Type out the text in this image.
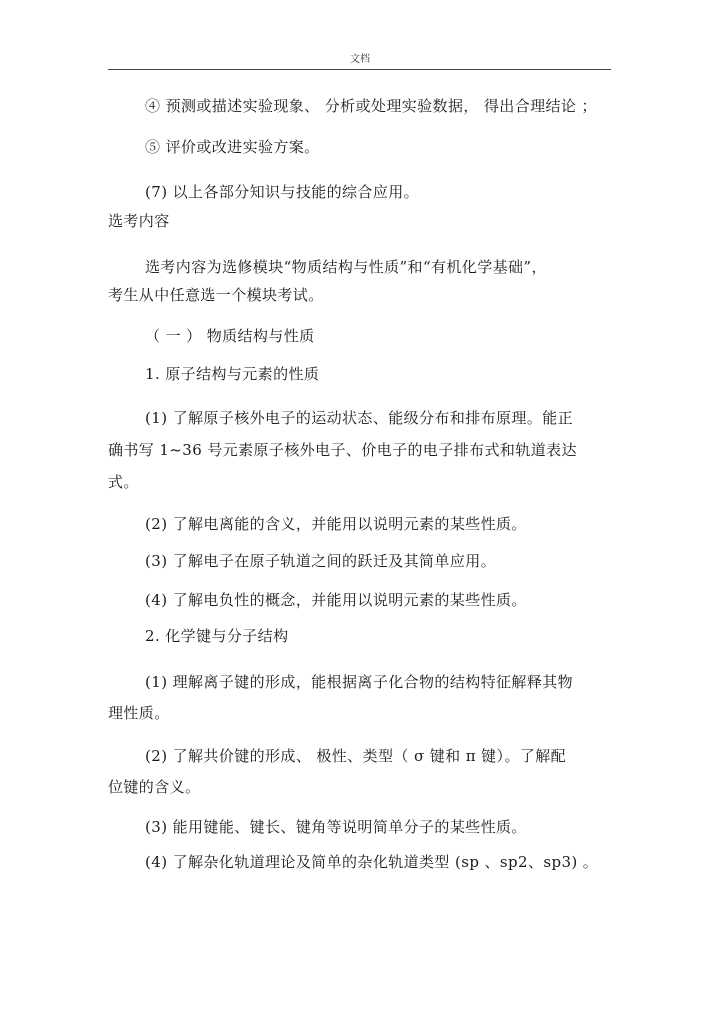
文档
④ 预测或描述实验现象、 分析或处理实验数据， 得出合理结论 ；
⑤ 评价或改进实验方案。
(7) 以上各部分知识与技能的综合应用。
选考内容
选考内容为选修模块“物质结构与性质”和“有机化学基础”，
考生从中任意选一个模块考试。
（ 一 ） 物质结构与性质
1. 原子结构与元素的性质
(1) 了解原子核外电子的运动状态、能级分布和排布原理。能正
确书写 1~36 号元素原子核外电子、价电子的电子排布式和轨道表达
式。
(2) 了解电离能的含义，并能用以说明元素的某些性质。
(3) 了解电子在原子轨道之间的跃迁及其简单应用。
(4) 了解电负性的概念，并能用以说明元素的某些性质。
2. 化学键与分子结构
(1) 理解离子键的形成，能根据离子化合物的结构特征解释其物
理性质。
(2) 了解共价键的形成、 极性、类型（ σ 键和 π 键）。了解配
位键的含义。
(3) 能用键能、键长、键角等说明简单分子的某些性质。
(4) 了解杂化轨道理论及简单的杂化轨道类型 (sp 、sp2、sp3) 。
